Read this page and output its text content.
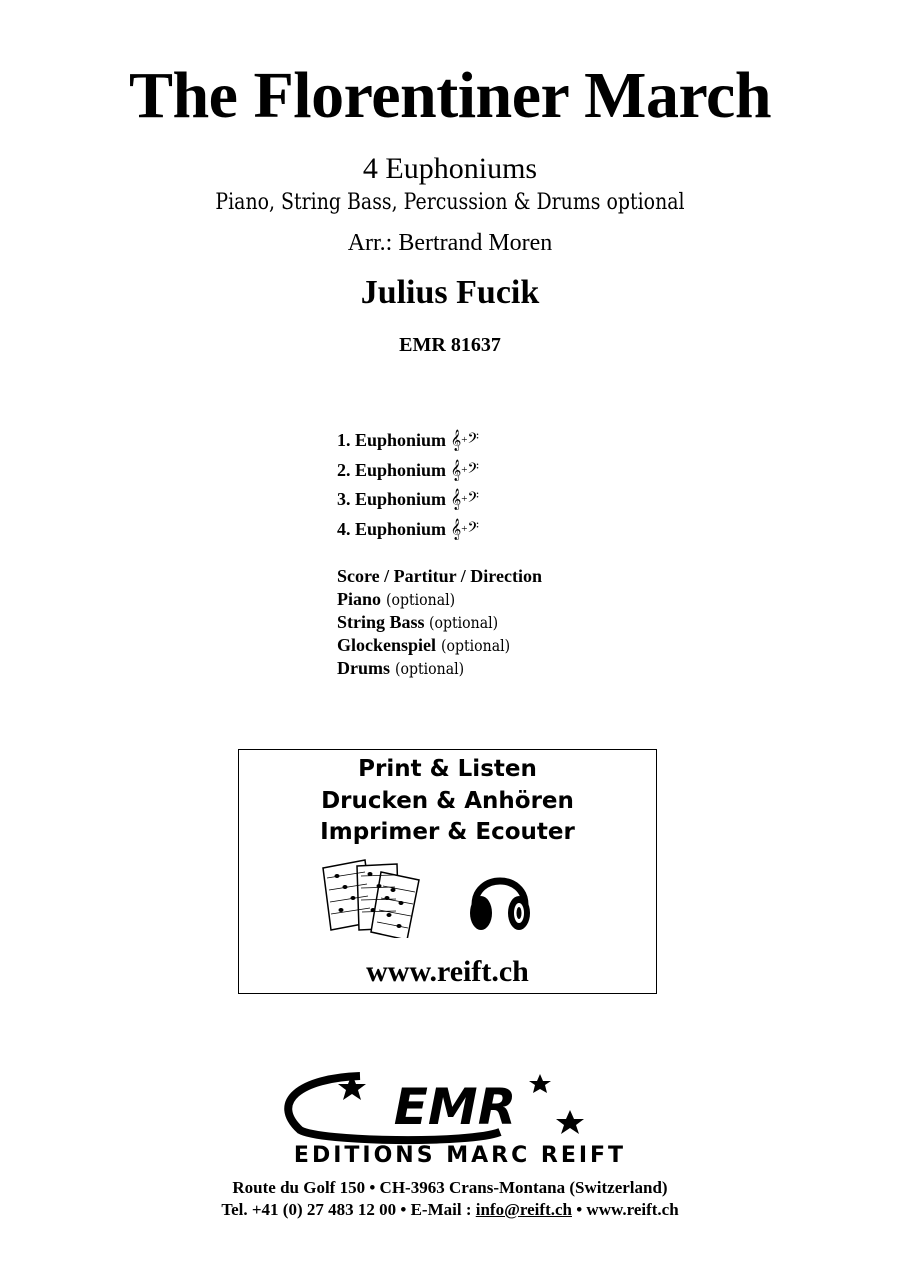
The Florentiner March
4 Euphoniums
Piano, String Bass, Percussion & Drums optional
Arr.: Bertrand Moren
Julius Fucik
EMR 81637
1. Euphonium 𝄞+𝄢
2. Euphonium 𝄞+𝄢
3. Euphonium 𝄞+𝄢
4. Euphonium 𝄞+𝄢
Score / Partitur / Direction
Piano (optional)
String Bass (optional)
Glockenspiel (optional)
Drums (optional)
Print & Listen
Drucken & Anhören
Imprimer & Ecouter
www.reift.ch
EMR
EDITIONS MARC REIFT
Route du Golf 150 • CH-3963 Crans-Montana (Switzerland)
Tel. +41 (0) 27 483 12 00 • E-Mail : info@reift.ch • www.reift.ch
